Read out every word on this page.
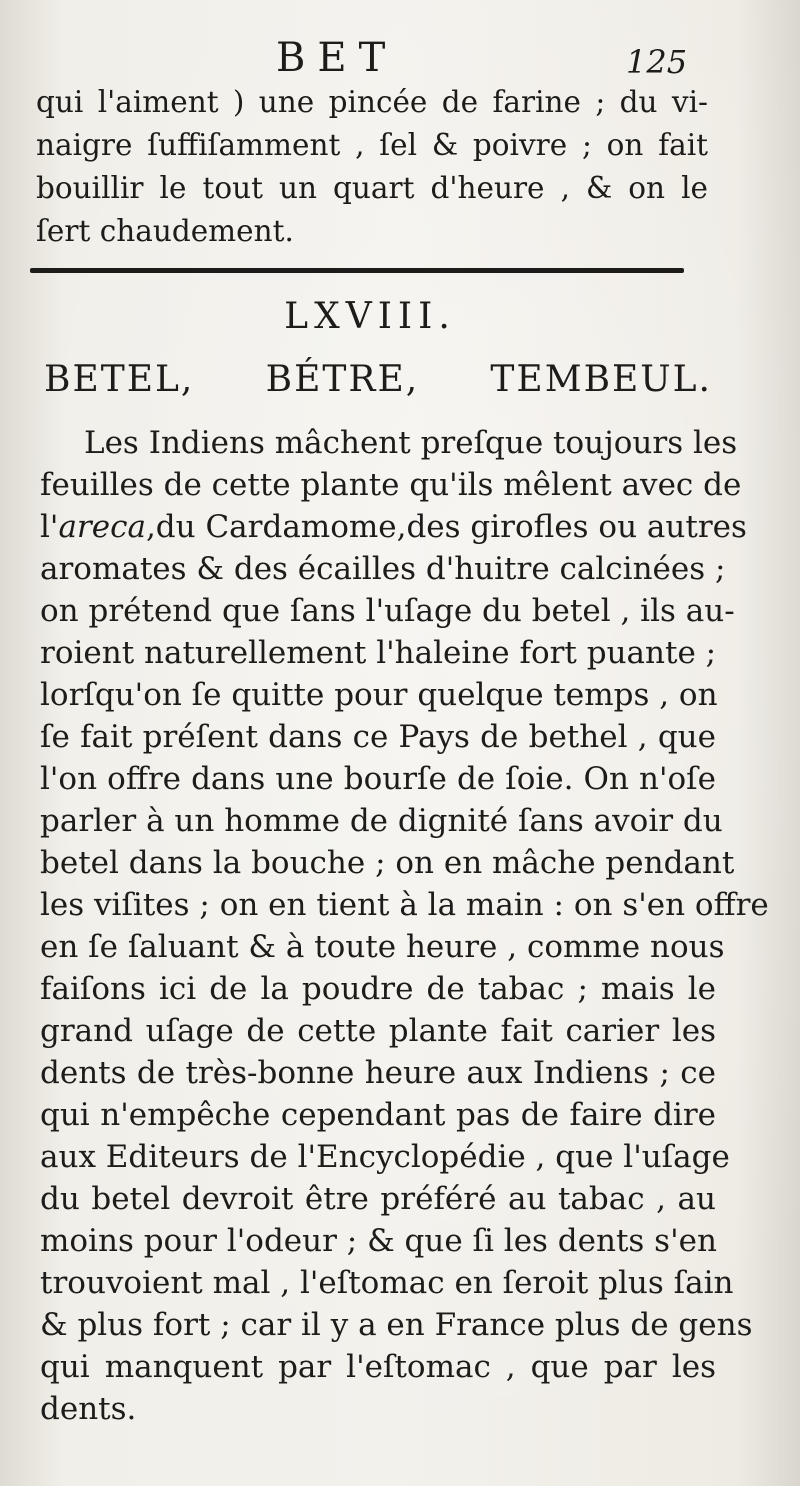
BET	125
qui l'aiment ) une pincée de farine ; du vi-
naigre ſuffiſamment , ſel & poivre ; on fait
bouillir le tout un quart d'heure , & on le
ſert chaudement.
LXVIII.
BETEL, BÉTRE, TEMBEUL.
Les Indiens mâchent preſque toujours les
feuilles de cette plante qu'ils mêlent avec de
l'areca,du Cardamome,des girofles ou autres
aromates & des écailles d'huitre calcinées ;
on prétend que ſans l'uſage du betel , ils au-
roient naturellement l'haleine fort puante ;
lorſqu'on ſe quitte pour quelque temps , on
ſe fait préſent dans ce Pays de bethel , que
l'on offre dans une bourſe de ſoie. On n'oſe
parler à un homme de dignité ſans avoir du
betel dans la bouche ; on en mâche pendant
les viſites ; on en tient à la main : on s'en offre
en ſe ſaluant & à toute heure , comme nous
faiſons ici de la poudre de tabac ; mais le
grand uſage de cette plante fait carier les
dents de très-bonne heure aux Indiens ; ce
qui n'empêche cependant pas de faire dire
aux Editeurs de l'Encyclopédie , que l'uſage
du betel devroit être préféré au tabac , au
moins pour l'odeur ; & que ſi les dents s'en
trouvoient mal , l'eſtomac en ſeroit plus ſain
& plus fort ; car il y a en France plus de gens
qui manquent par l'eſtomac , que par les
dents.
